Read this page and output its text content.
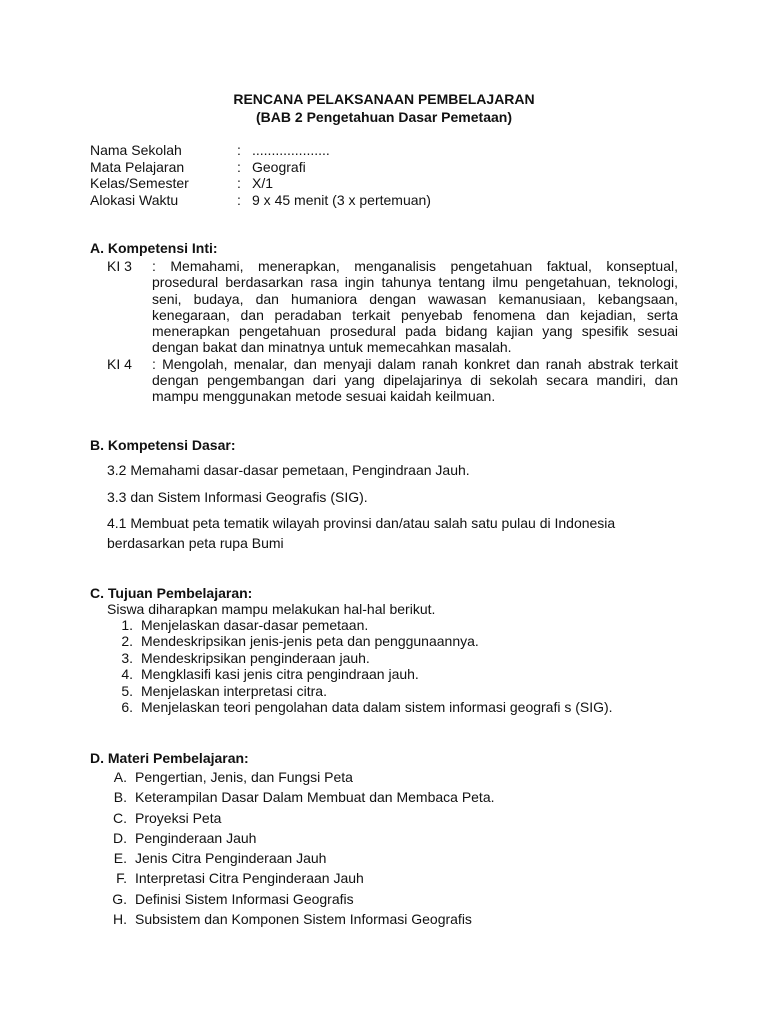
RENCANA PELAKSANAAN PEMBELAJARAN
(BAB 2 Pengetahuan Dasar Pemetaan)
Nama Sekolah	: ....................
Mata Pelajaran	: Geografi
Kelas/Semester	: X/1
Alokasi Waktu	: 9 x 45 menit (3 x pertemuan)
A. Kompetensi Inti:
KI 3	: Memahami, menerapkan, menganalisis pengetahuan faktual, konseptual, prosedural berdasarkan rasa ingin tahunya tentang ilmu pengetahuan, teknologi, seni, budaya, dan humaniora dengan wawasan kemanusiaan, kebangsaan, kenegaraan, dan peradaban terkait penyebab fenomena dan kejadian, serta menerapkan pengetahuan prosedural pada bidang kajian yang spesifik sesuai dengan bakat dan minatnya untuk memecahkan masalah.
KI 4	: Mengolah, menalar, dan menyaji dalam ranah konkret dan ranah abstrak terkait dengan pengembangan dari yang dipelajarinya di sekolah secara mandiri, dan mampu menggunakan metode sesuai kaidah keilmuan.
B. Kompetensi Dasar:
3.2 Memahami dasar-dasar pemetaan, Pengindraan Jauh.
3.3 dan Sistem Informasi Geografis (SIG).
4.1 Membuat peta tematik wilayah provinsi dan/atau salah satu pulau di Indonesia berdasarkan peta rupa Bumi
C. Tujuan Pembelajaran:
Siswa diharapkan mampu melakukan hal-hal berikut.
1. Menjelaskan dasar-dasar pemetaan.
2. Mendeskripsikan jenis-jenis peta dan penggunaannya.
3. Mendeskripsikan penginderaan jauh.
4. Mengklasifi kasi jenis citra pengindraan jauh.
5. Menjelaskan interpretasi citra.
6. Menjelaskan teori pengolahan data dalam sistem informasi geografi s (SIG).
D. Materi Pembelajaran:
A. Pengertian, Jenis, dan Fungsi Peta
B. Keterampilan Dasar Dalam Membuat dan Membaca Peta.
C. Proyeksi Peta
D. Penginderaan Jauh
E. Jenis Citra Penginderaan Jauh
F. Interpretasi Citra Penginderaan Jauh
G. Definisi Sistem Informasi Geografis
H. Subsistem dan Komponen Sistem Informasi Geografis
